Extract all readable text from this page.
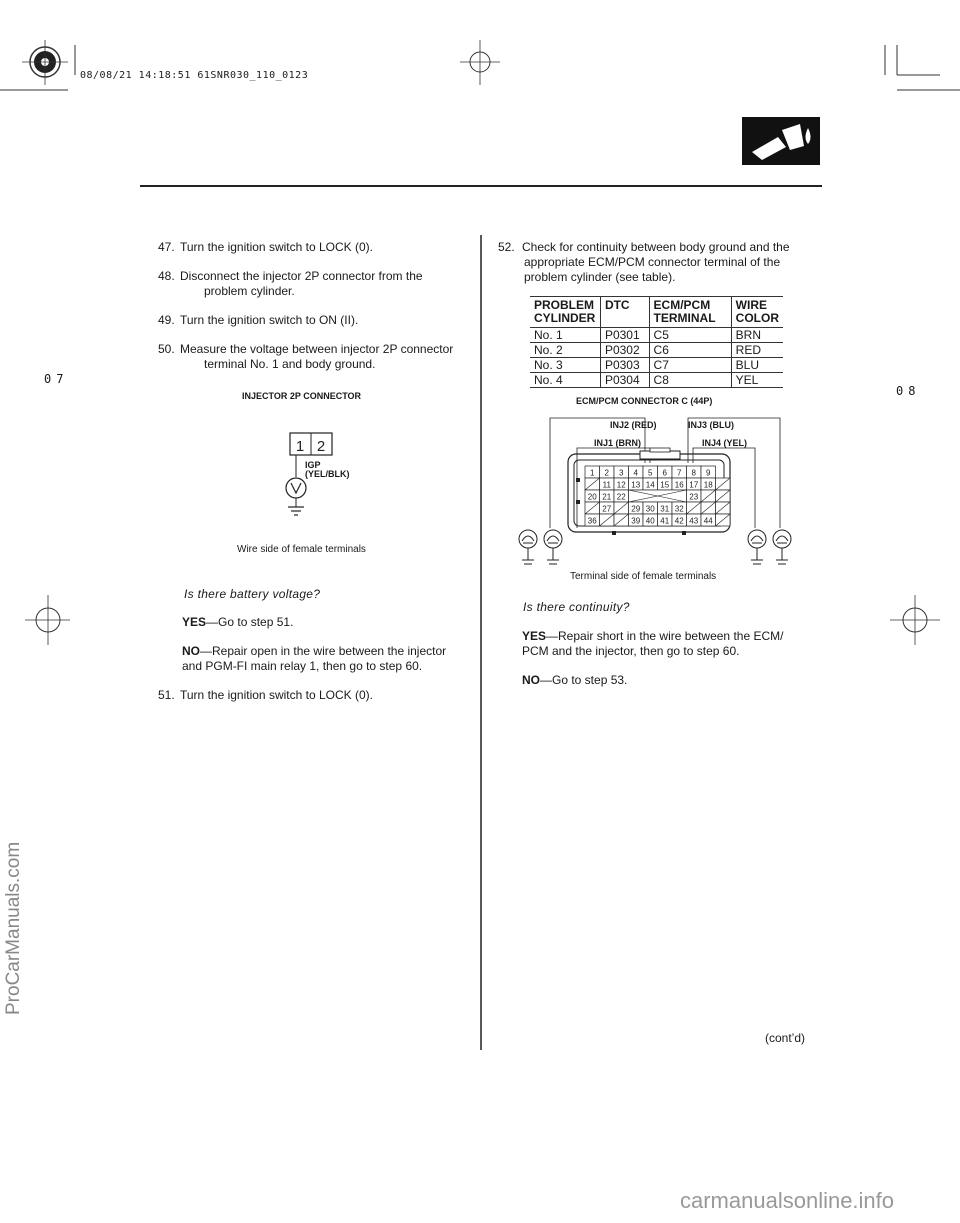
08/08/21 14:18:51 61SNR030_110_0123
07
08
ProCarManuals.com
carmanualsonline.info
47. Turn the ignition switch to LOCK (0).
48. Disconnect the injector 2P connector from the
problem cylinder.
49. Turn the ignition switch to ON (II).
50. Measure the voltage between injector 2P connector
terminal No. 1 and body ground.
INJECTOR 2P CONNECTOR
1 2
IGP
(YEL/BLK)
Wire side of female terminals
Is there battery voltage?
YES—Go to step 51.
NO—Repair open in the wire between the injector
and PGM-FI main relay 1, then go to step 60.
51. Turn the ignition switch to LOCK (0).
52. Check for continuity between body ground and the
appropriate ECM/PCM connector terminal of the
problem cylinder (see table).
PROBLEM
CYLINDER	DTC	ECM/PCM
TERMINAL	WIRE
COLOR
No. 1	P0301	C5	BRN
No. 2	P0302	C6	RED
No. 3	P0303	C7	BLU
No. 4	P0304	C8	YEL
ECM/PCM CONNECTOR C (44P)
1 2 3 4 5 6 7 8 9
11 12 13 14 15 16 17 18
20 21 22	23
27	29 30 31 32
36	39 40 41 42 43 44
INJ2 (RED)	INJ3 (BLU)
INJ1 (BRN)	INJ4 (YEL)
Terminal side of female terminals
Is there continuity?
YES—Repair short in the wire between the ECM/
PCM and the injector, then go to step 60.
NO—Go to step 53.
(cont’d)
